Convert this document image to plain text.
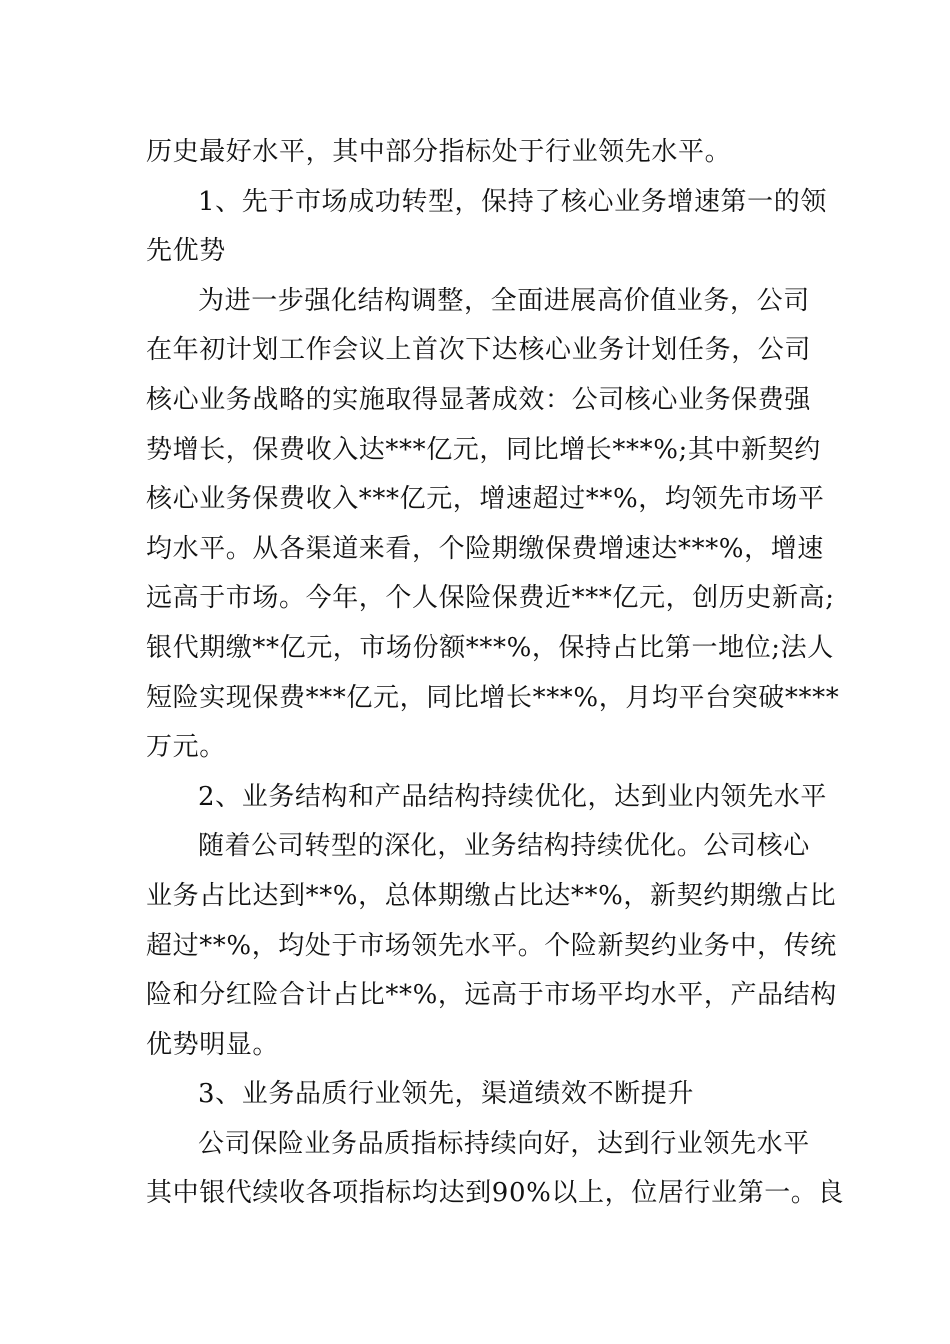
历史最好水平，其中部分指标处于行业领先水平。
1、先于市场成功转型，保持了核心业务增速第一的领
先优势
为进一步强化结构调整，全面进展高价值业务，公司
在年初计划工作会议上首次下达核心业务计划任务，公司
核心业务战略的实施取得显著成效：公司核心业务保费强
势增长，保费收入达***亿元，同比增长***%;其中新契约
核心业务保费收入***亿元，增速超过**%，均领先市场平
均水平。从各渠道来看，个险期缴保费增速达***%，增速
远高于市场。今年，个人保险保费近***亿元，创历史新高;
银代期缴**亿元，市场份额***%，保持占比第一地位;法人
短险实现保费***亿元，同比增长***%，月均平台突破****
万元。
2、业务结构和产品结构持续优化，达到业内领先水平
随着公司转型的深化，业务结构持续优化。公司核心
业务占比达到**%，总体期缴占比达**%，新契约期缴占比
超过**%，均处于市场领先水平。个险新契约业务中，传统
险和分红险合计占比**%，远高于市场平均水平，产品结构
优势明显。
3、业务品质行业领先，渠道绩效不断提升
公司保险业务品质指标持续向好，达到行业领先水平
其中银代续收各项指标均达到90%以上，位居行业第一。良
